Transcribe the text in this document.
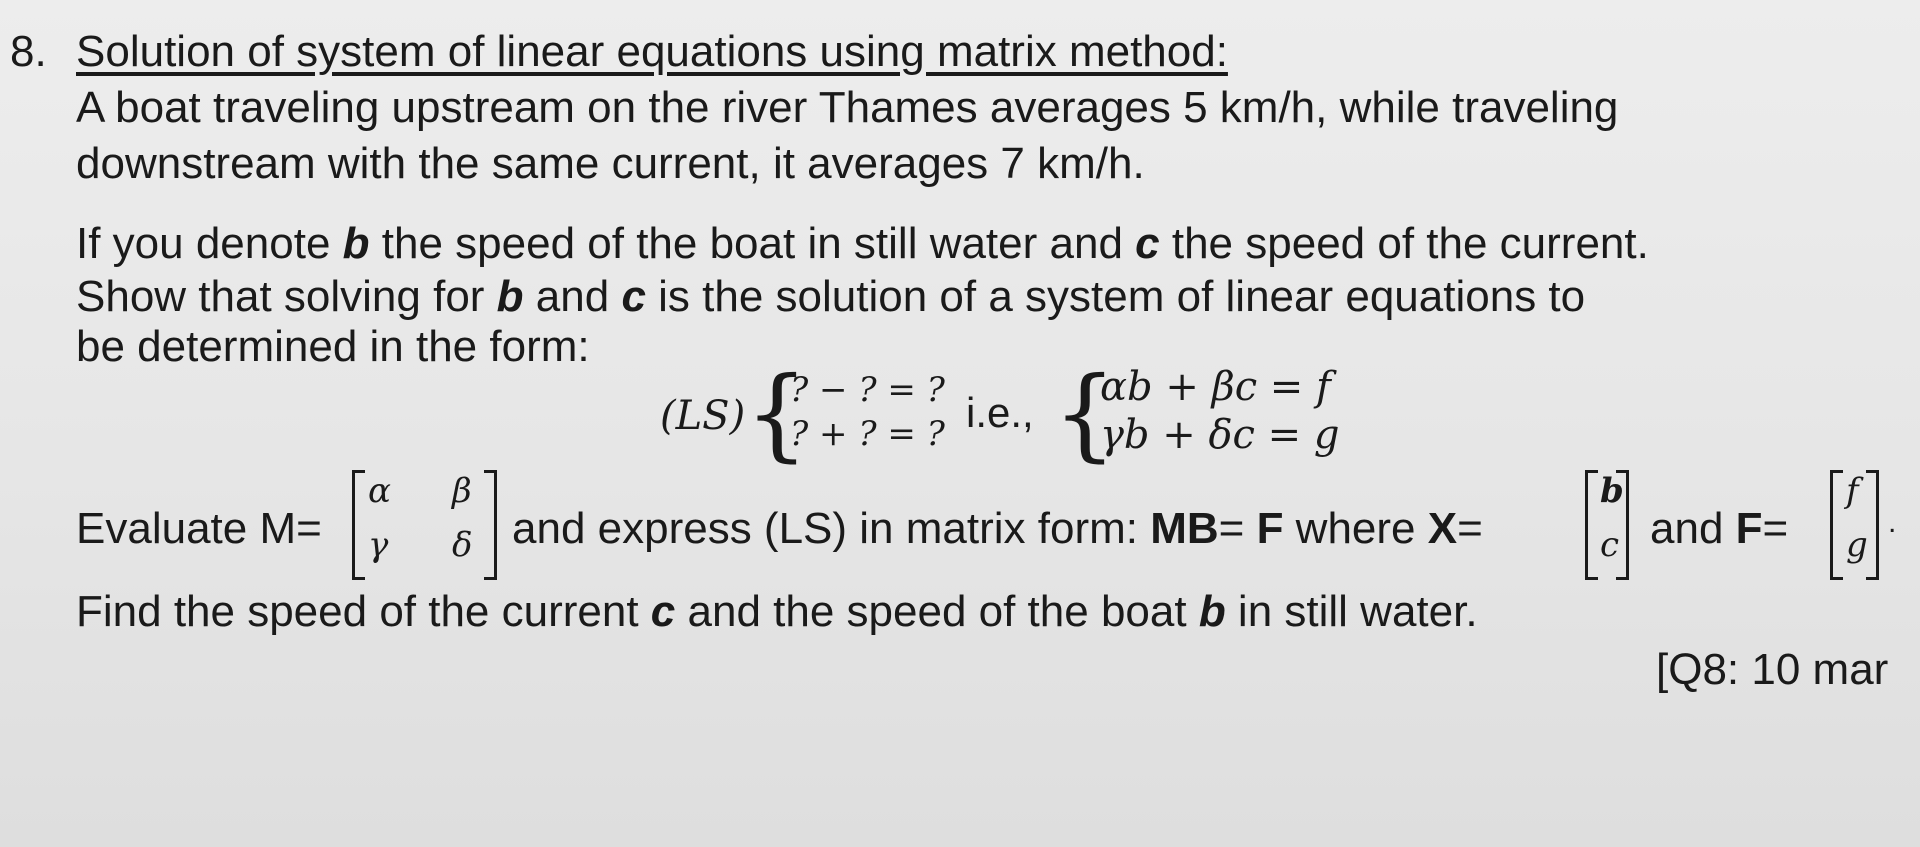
8. Solution of system of linear equations using matrix method:
A boat traveling upstream on the river Thames averages 5 km/h, while traveling
downstream with the same current, it averages 7 km/h.
If you denote b the speed of the boat in still water and c the speed of the current.
Show that solving for b and c is the solution of a system of linear equations to
be determined in the form:
(LS) {
? − ? = ?
? + ? = ? i.e., {
αb + βc = f
γb + δc = g
Evaluate M=
α β
γ δ and express (LS) in matrix form: MB= F where X=
b
c and F=
f
g
.
Find the speed of the current c and the speed of the boat b in still water.
[Q8: 10 mar
